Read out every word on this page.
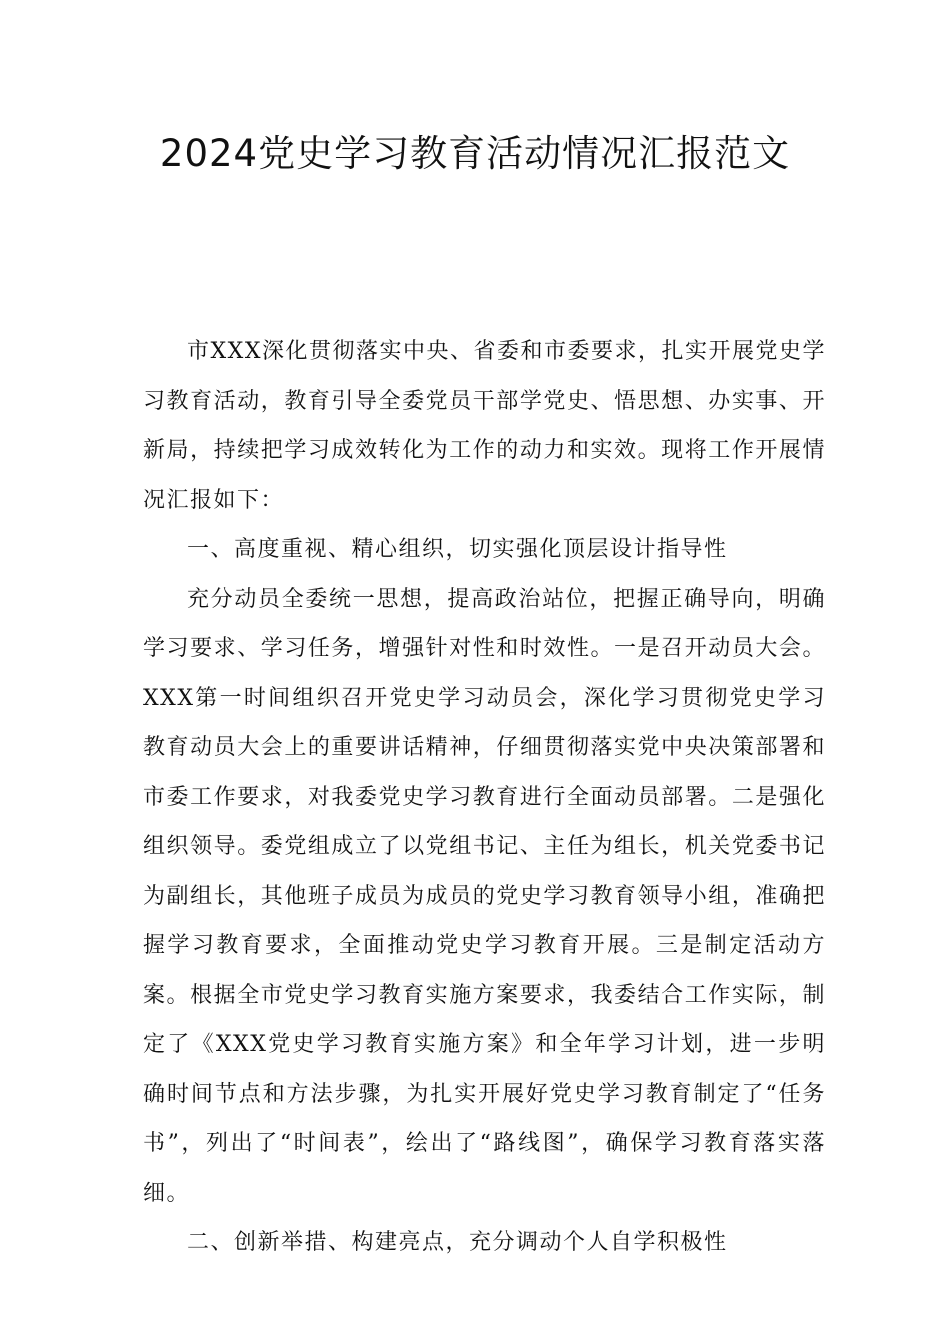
2024党史学习教育活动情况汇报范文

市XXX深化贯彻落实中央、省委和市委要求，扎实开展党史学习教育活动，教育引导全委党员干部学党史、悟思想、办实事、开新局，持续把学习成效转化为工作的动力和实效。现将工作开展情况汇报如下：

一、高度重视、精心组织，切实强化顶层设计指导性

充分动员全委统一思想，提高政治站位，把握正确导向，明确学习要求、学习任务，增强针对性和时效性。一是召开动员大会。XXX第一时间组织召开党史学习动员会，深化学习贯彻党史学习教育动员大会上的重要讲话精神，仔细贯彻落实党中央决策部署和市委工作要求，对我委党史学习教育进行全面动员部署。二是强化组织领导。委党组成立了以党组书记、主任为组长，机关党委书记为副组长，其他班子成员为成员的党史学习教育领导小组，准确把握学习教育要求，全面推动党史学习教育开展。三是制定活动方案。根据全市党史学习教育实施方案要求，我委结合工作实际，制定了《XXX党史学习教育实施方案》和全年学习计划，进一步明确时间节点和方法步骤，为扎实开展好党史学习教育制定了“任务书”，列出了“时间表”，绘出了“路线图”，确保学习教育落实落细。

二、创新举措、构建亮点，充分调动个人自学积极性
